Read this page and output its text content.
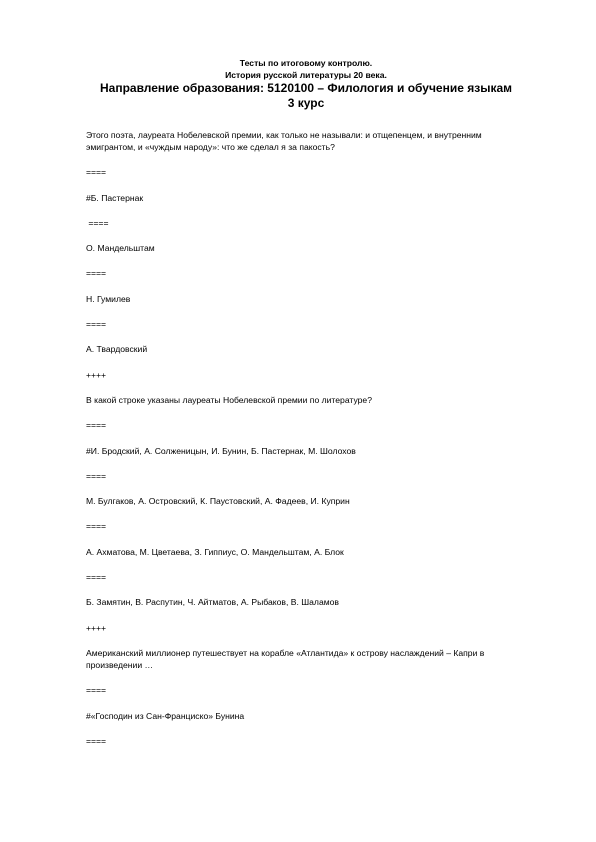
Тесты по итоговому контролю.
История русской литературы 20 века.
Направление образования: 5120100 – Филология и обучение языкам
3 курс
Этого поэта, лауреата Нобелевской премии, как только не называли: и отщепенцем, и внутренним эмигрантом, и «чуждым народу»: что же сделал я за пакость?
====
#Б. Пастернак
====
О. Мандельштам
====
Н. Гумилев
====
А. Твардовский
++++
В какой строке указаны лауреаты Нобелевской премии по литературе?
====
#И. Бродский, А. Солженицын, И. Бунин, Б. Пастернак, М. Шолохов
====
М. Булгаков, А. Островский, К. Паустовский, А. Фадеев, И. Куприн
====
А. Ахматова, М. Цветаева, З. Гиппиус, О. Мандельштам, А. Блок
====
Б. Замятин, В. Распутин, Ч. Айтматов, А. Рыбаков, В. Шаламов
++++
Американский миллионер путешествует на корабле «Атлантида» к острову наслаждений – Капри в произведении …
====
#«Господин из Сан-Франциско» Бунина
====
